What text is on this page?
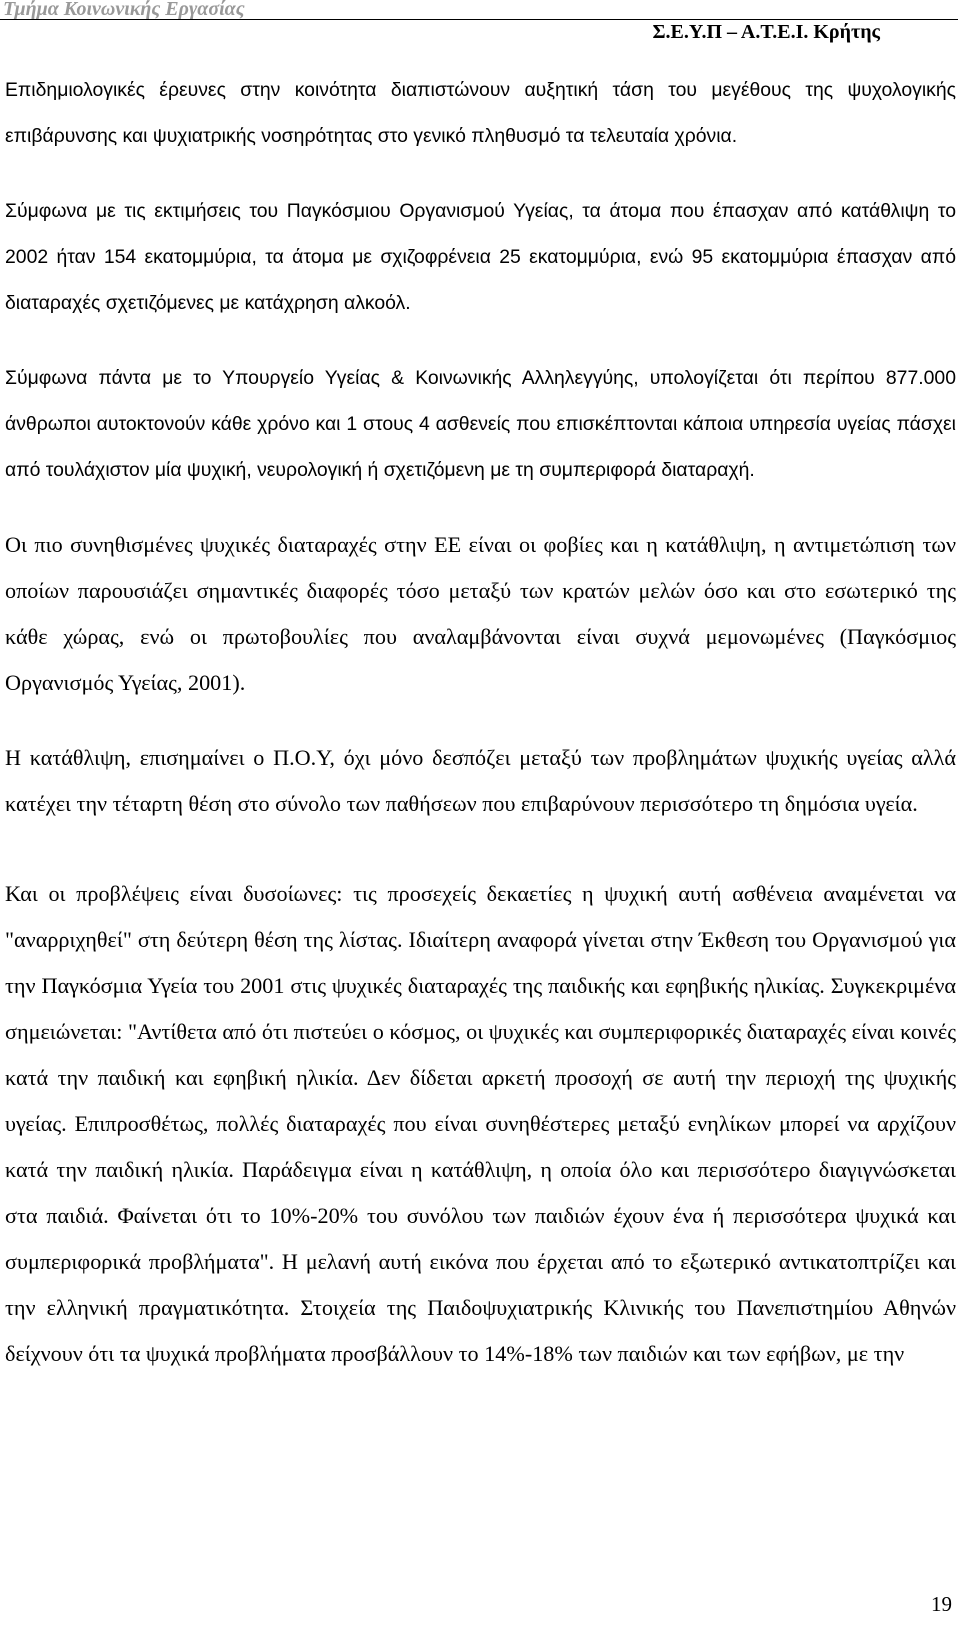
Τμήμα Κοινωνικής Εργασίας
Σ.Ε.Υ.Π – Α.Τ.Ε.Ι. Κρήτης

Επιδημιολογικές έρευνες στην κοινότητα διαπιστώνουν αυξητική τάση του μεγέθους της ψυχολογικής επιβάρυνσης και ψυχιατρικής νοσηρότητας στο γενικό πληθυσμό τα τελευταία χρόνια.

Σύμφωνα με τις εκτιμήσεις του Παγκόσμιου Οργανισμού Υγείας, τα άτομα που έπασχαν από κατάθλιψη το 2002 ήταν 154 εκατομμύρια, τα άτομα με σχιζοφρένεια 25 εκατομμύρια, ενώ 95 εκατομμύρια έπασχαν από διαταραχές σχετιζόμενες με κατάχρηση αλκοόλ.

Σύμφωνα πάντα με το Υπουργείο Υγείας & Κοινωνικής Αλληλεγγύης, υπολογίζεται ότι περίπου 877.000 άνθρωποι αυτοκτονούν κάθε χρόνο και 1 στους 4 ασθενείς που επισκέπτονται κάποια υπηρεσία υγείας πάσχει από τουλάχιστον μία ψυχική, νευρολογική ή σχετιζόμενη με τη συμπεριφορά διαταραχή.

Οι πιο συνηθισμένες ψυχικές διαταραχές στην ΕΕ είναι οι φοβίες και η κατάθλιψη, η αντιμετώπιση των οποίων παρουσιάζει σημαντικές διαφορές τόσο μεταξύ των κρατών μελών όσο και στο εσωτερικό της κάθε χώρας, ενώ οι πρωτοβουλίες που αναλαμβάνονται είναι συχνά μεμονωμένες (Παγκόσμιος Οργανισμός Υγείας, 2001).

Η κατάθλιψη, επισημαίνει ο Π.Ο.Υ, όχι μόνο δεσπόζει μεταξύ των προβλημάτων ψυχικής υγείας αλλά κατέχει την τέταρτη θέση στο σύνολο των παθήσεων που επιβαρύνουν περισσότερο τη δημόσια υγεία.

Και οι προβλέψεις είναι δυσοίωνες: τις προσεχείς δεκαετίες η ψυχική αυτή ασθένεια αναμένεται να "αναρριχηθεί" στη δεύτερη θέση της λίστας. Ιδιαίτερη αναφορά γίνεται στην Έκθεση του Οργανισμού για την Παγκόσμια Υγεία του 2001 στις ψυχικές διαταραχές της παιδικής και εφηβικής ηλικίας. Συγκεκριμένα σημειώνεται: "Αντίθετα από ότι πιστεύει ο κόσμος, οι ψυχικές και συμπεριφορικές διαταραχές είναι κοινές κατά την παιδική και εφηβική ηλικία. Δεν δίδεται αρκετή προσοχή σε αυτή την περιοχή της ψυχικής υγείας. Επιπροσθέτως, πολλές διαταραχές που είναι συνηθέστερες μεταξύ ενηλίκων μπορεί να αρχίζουν κατά την παιδική ηλικία. Παράδειγμα είναι η κατάθλιψη, η οποία όλο και περισσότερο διαγιγνώσκεται στα παιδιά. Φαίνεται ότι το 10%-20% του συνόλου των παιδιών έχουν ένα ή περισσότερα ψυχικά και συμπεριφορικά προβλήματα". Η μελανή αυτή εικόνα που έρχεται από το εξωτερικό αντικατοπτρίζει και την ελληνική πραγματικότητα. Στοιχεία της Παιδοψυχιατρικής Κλινικής του Πανεπιστημίου Αθηνών δείχνουν ότι τα ψυχικά προβλήματα προσβάλλουν το 14%-18% των παιδιών και των εφήβων, με την

19
